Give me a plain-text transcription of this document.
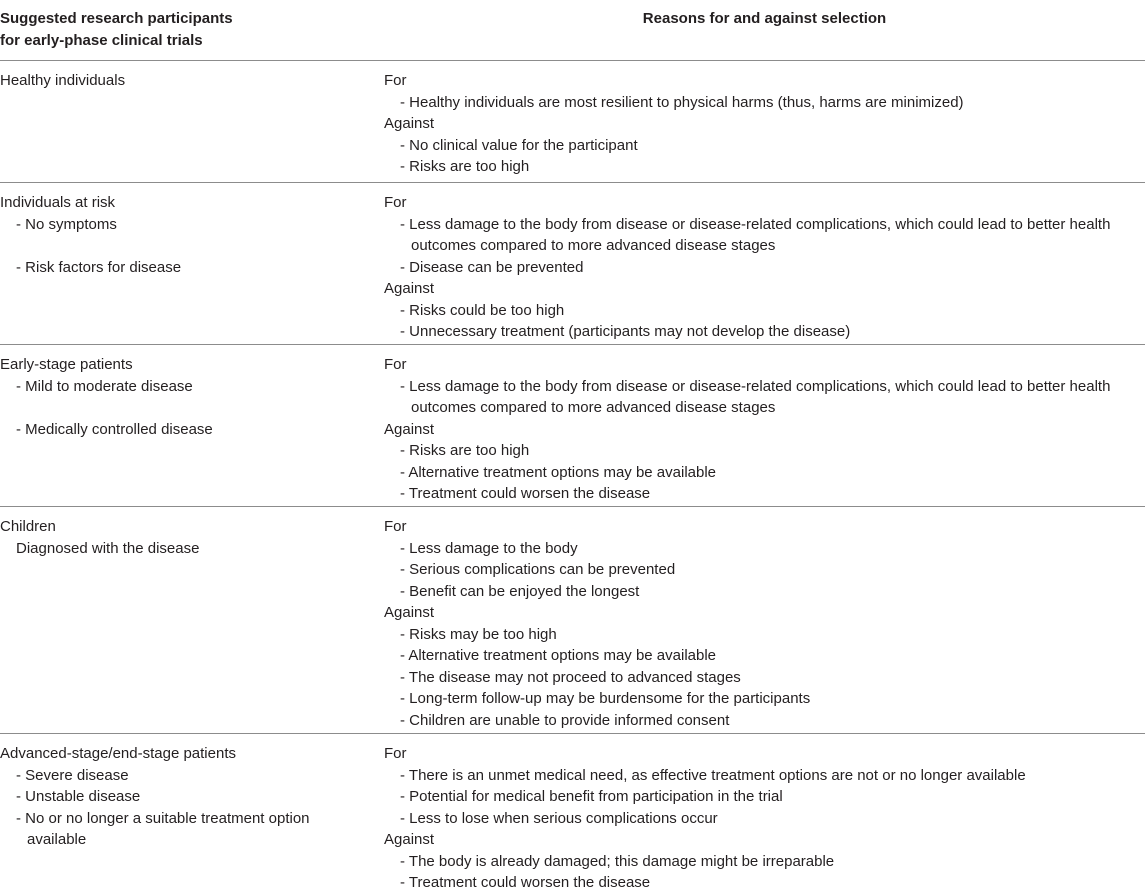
Suggested research participants
for early-phase clinical trials
Reasons for and against selection
Healthy individuals	For
- Healthy individuals are most resilient to physical harms (thus, harms are minimized)
Against
- No clinical value for the participant
- Risks are too high
Individuals at risk
- No symptoms
- Risk factors for disease
For
- Less damage to the body from disease or disease-related complications, which could lead to better health outcomes compared to more advanced disease stages
- Disease can be prevented
Against
- Risks could be too high
- Unnecessary treatment (participants may not develop the disease)
Early-stage patients
- Mild to moderate disease
- Medically controlled disease
For
- Less damage to the body from disease or disease-related complications, which could lead to better health outcomes compared to more advanced disease stages
Against
- Risks are too high
- Alternative treatment options may be available
- Treatment could worsen the disease
Children
Diagnosed with the disease
For
- Less damage to the body
- Serious complications can be prevented
- Benefit can be enjoyed the longest
Against
- Risks may be too high
- Alternative treatment options may be available
- The disease may not proceed to advanced stages
- Long-term follow-up may be burdensome for the participants
- Children are unable to provide informed consent
Advanced-stage/end-stage patients
- Severe disease
- Unstable disease
- No or no longer a suitable treatment option available
For
- There is an unmet medical need, as effective treatment options are not or no longer available
- Potential for medical benefit from participation in the trial
- Less to lose when serious complications occur
Against
- The body is already damaged; this damage might be irreparable
- Treatment could worsen the disease
